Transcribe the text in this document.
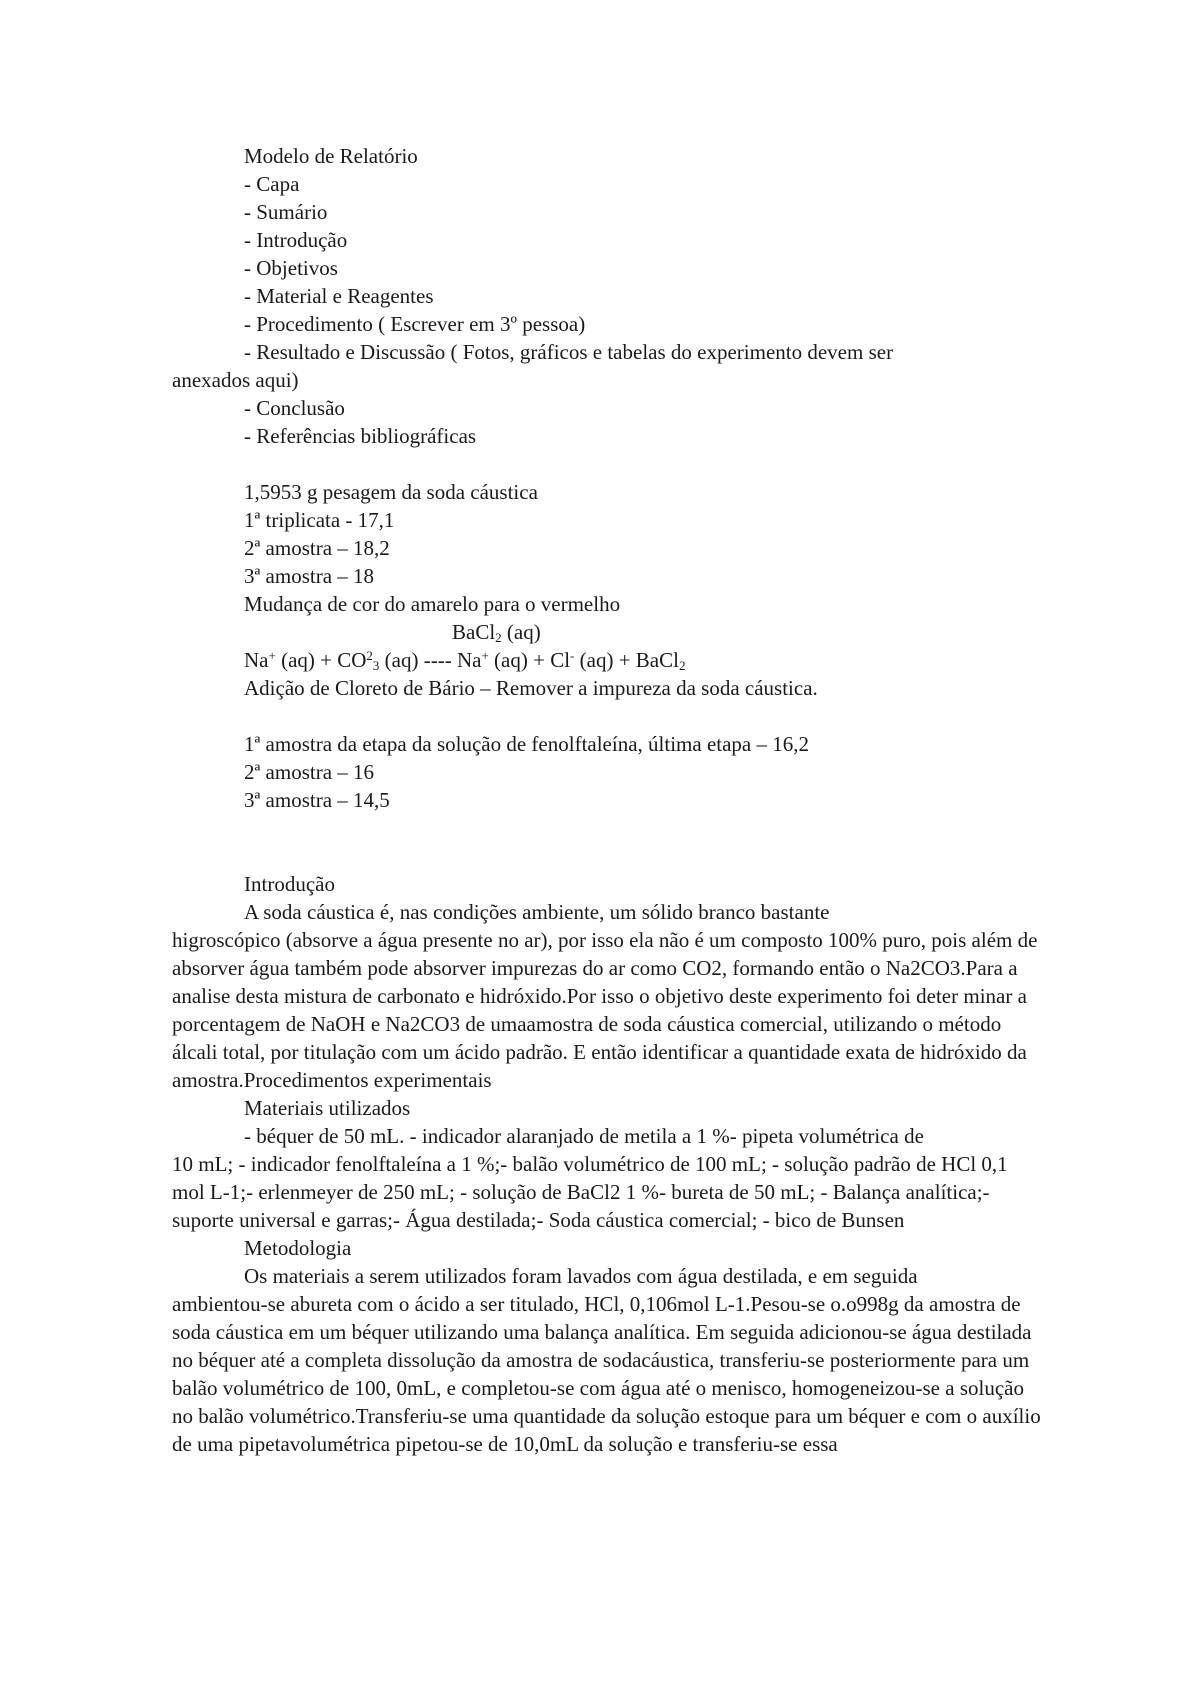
Modelo de Relatório
- Capa
- Sumário
- Introdução
- Objetivos
- Material e Reagentes
- Procedimento ( Escrever em 3º pessoa)
- Resultado e Discussão ( Fotos, gráficos e tabelas do experimento devem ser
anexados aqui)
- Conclusão
- Referências bibliográficas
1,5953 g pesagem da soda cáustica
1ª triplicata - 17,1
2ª amostra – 18,2
3ª amostra – 18
Mudança de cor do amarelo para o vermelho
BaCl$_2$ (aq)
Na+ $(aq) + CO^2_3$ (aq) ---- Na+ (aq) + Cl- (aq) + BaCl$_2$
Adição de Cloreto de Bário – Remover a impureza da soda cáustica.
1ª amostra da etapa da solução de fenolftaleína, última etapa – 16,2
2ª amostra – 16
3ª amostra – 14,5
Introdução
A soda cáustica é, nas condições ambiente, um sólido branco bastante

higroscópico (absorve a água presente no ar), por isso ela não é um composto 100% puro, pois além de absorver água também pode absorver impurezas do ar como CO2, formando então o Na2CO3.Para a analise desta mistura de carbonato e hidróxido.Por isso o objetivo deste experimento foi deter minar a porcentagem de NaOH e Na2CO3 de umaamostra de soda cáustica comercial, utilizando o método álcali total, por titulação com um ácido padrão. E então identificar a quantidade exata de hidróxido da amostra.Procedimentos experimentais

Materiais utilizados
- béquer de 50 mL. - indicador alaranjado de metila a 1 %- pipeta volumétrica de

10 mL; - indicador fenolftaleína a 1 %;- balão volumétrico de 100 mL; - solução padrão de HCl 0,1 mol L-1;- erlenmeyer de 250 mL; - solução de BaCl2 1 %- bureta de 50 mL; - Balança analítica;- suporte universal e garras;- Água destilada;- Soda cáustica comercial; - bico de Bunsen

Metodologia
Os materiais a serem utilizados foram lavados com água destilada, e em seguida

ambientou-se abureta com o ácido a ser titulado, HCl, 0,106mol L-1.Pesou-se o.o998g da amostra de soda cáustica em um béquer utilizando uma balança analítica. Em seguida adicionou-se água destilada no béquer até a completa dissolução da amostra de sodacáustica, transferiu-se posteriormente para um balão volumétrico de 100, 0mL, e completou-se com água até o menisco, homogeneizou-se a solução no balão volumétrico.Transferiu-se uma quantidade da solução estoque para um béquer e com o auxílio de uma pipetavolumétrica pipetou-se de 10,0mL da solução e transferiu-se essa
